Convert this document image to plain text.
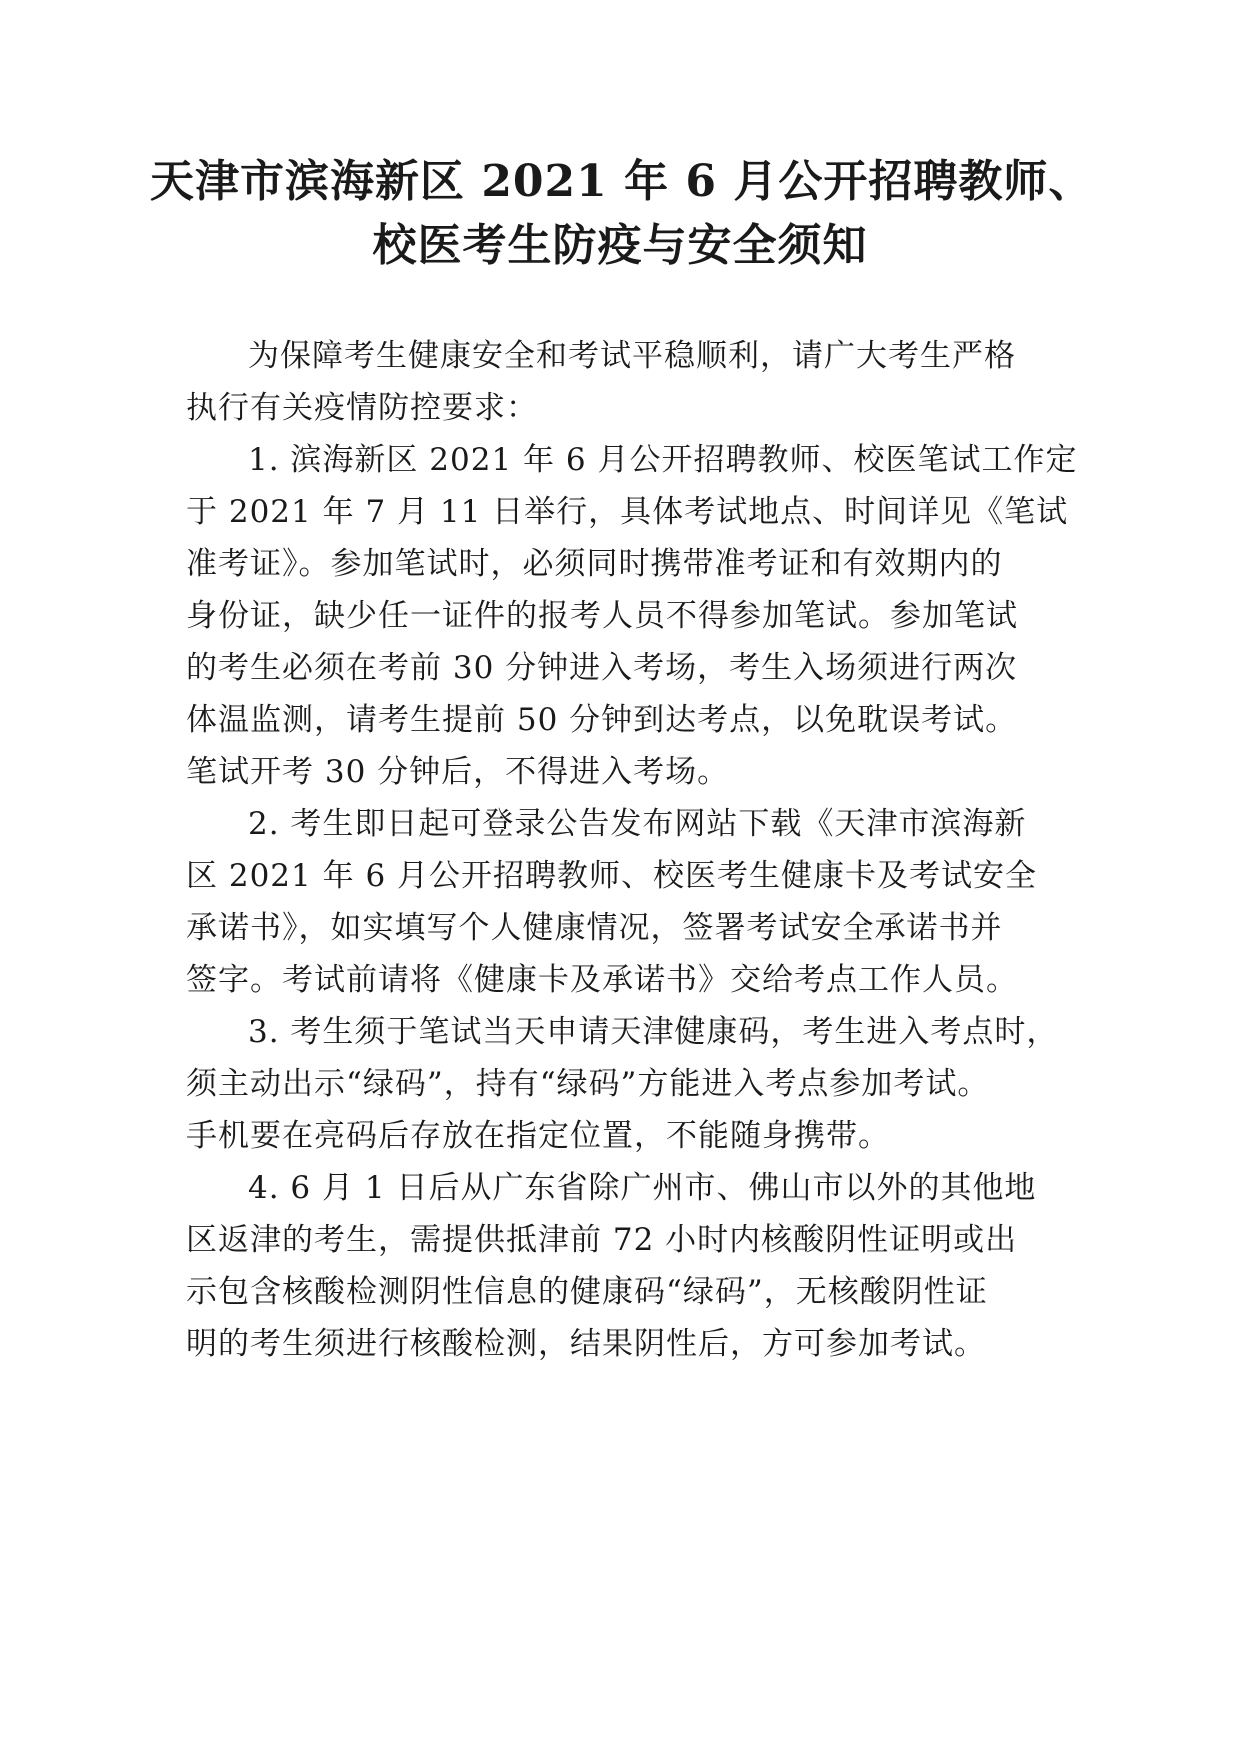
天津市滨海新区 2021 年 6 月公开招聘教师、
校医考生防疫与安全须知

为保障考生健康安全和考试平稳顺利，请广大考生严格
执行有关疫情防控要求：

1. 滨海新区 2021 年 6 月公开招聘教师、校医笔试工作定
于 2021 年 7 月 11 日举行，具体考试地点、时间详见《笔试
准考证》。参加笔试时，必须同时携带准考证和有效期内的
身份证，缺少任一证件的报考人员不得参加笔试。参加笔试
的考生必须在考前 30 分钟进入考场，考生入场须进行两次
体温监测，请考生提前 50 分钟到达考点，以免耽误考试。
笔试开考 30 分钟后，不得进入考场。

2. 考生即日起可登录公告发布网站下载《天津市滨海新
区 2021 年 6 月公开招聘教师、校医考生健康卡及考试安全
承诺书》，如实填写个人健康情况，签署考试安全承诺书并
签字。考试前请将《健康卡及承诺书》交给考点工作人员。

3. 考生须于笔试当天申请天津健康码，考生进入考点时，
须主动出示“绿码”，持有“绿码”方能进入考点参加考试。
手机要在亮码后存放在指定位置，不能随身携带。

4. 6 月 1 日后从广东省除广州市、佛山市以外的其他地
区返津的考生，需提供抵津前 72 小时内核酸阴性证明或出
示包含核酸检测阴性信息的健康码“绿码”，无核酸阴性证
明的考生须进行核酸检测，结果阴性后，方可参加考试。
